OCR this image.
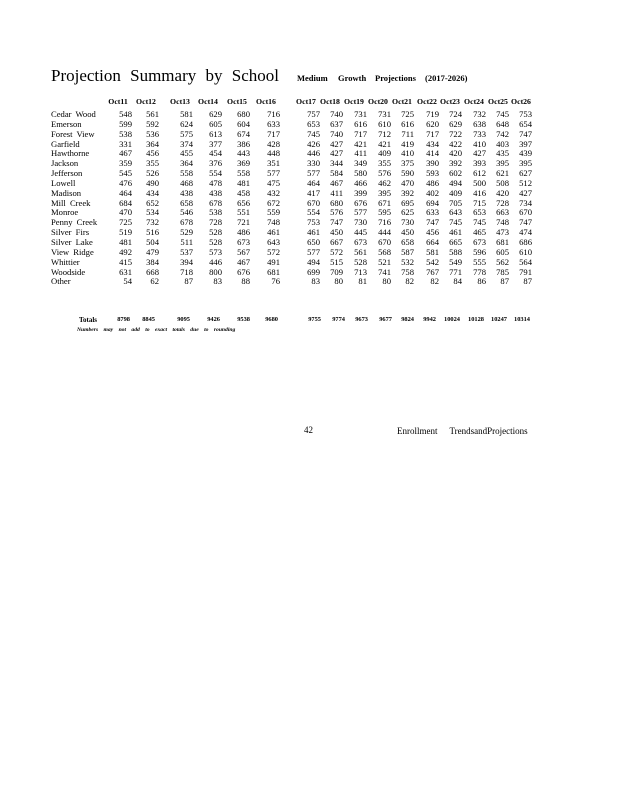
Projection Summary by School Medium Growth Projections (2017-2026)
Oct11 Oct12 Oct13 Oct14 Oct15 Oct16	Oct17 Oct18 Oct19 Oct20 Oct21 Oct22 Oct23 Oct24 Oct25 Oct26
Cedar Wood	548	561	581	629	680	716	757	740	731	731	725	719	724	732	745	753
Emerson	599	592	624	605	604	633	653	637	616	610	616	620	629	638	648	654
Forest View	538	536	575	613	674	717	745	740	717	712	711	717	722	733	742	747
Garfield	331	364	374	377	386	428	426	427	421	421	419	434	422	410	403	397
Hawthorne	467	456	455	454	443	448	446	427	411	409	410	414	420	427	435	439
Jackson	359	355	364	376	369	351	330	344	349	355	375	390	392	393	395	395
Jefferson	545	526	558	554	558	577	577	584	580	576	590	593	602	612	621	627
Lowell	476	490	468	478	481	475	464	467	466	462	470	486	494	500	508	512
Madison	464	434	438	438	458	432	417	411	399	395	392	402	409	416	420	427
Mill Creek	684	652	658	678	656	672	670	680	676	671	695	694	705	715	728	734
Monroe	470	534	546	538	551	559	554	576	577	595	625	633	643	653	663	670
Penny Creek	725	732	678	728	721	748	753	747	730	716	730	747	745	745	748	747
Silver Firs	519	516	529	528	486	461	461	450	445	444	450	456	461	465	473	474
Silver Lake	481	504	511	528	673	643	650	667	673	670	658	664	665	673	681	686
View Ridge	492	479	537	573	567	572	577	572	561	568	587	581	588	596	605	610
Whittier	415	384	394	446	467	491	494	515	528	521	532	542	549	555	562	564
Woodside	631	668	718	800	676	681	699	709	713	741	758	767	771	778	785	791
Other	54	62	87	83	88	76	83	80	81	80	82	82	84	86	87	87
Totals	8798	8845	9095	9426	9538	9680	9755	9774	9673	9677	9824	9942	10024	10128	10247	10314
Numbers may not add to exact totals due to rounding
42	Enrollment TrendsandProjections
